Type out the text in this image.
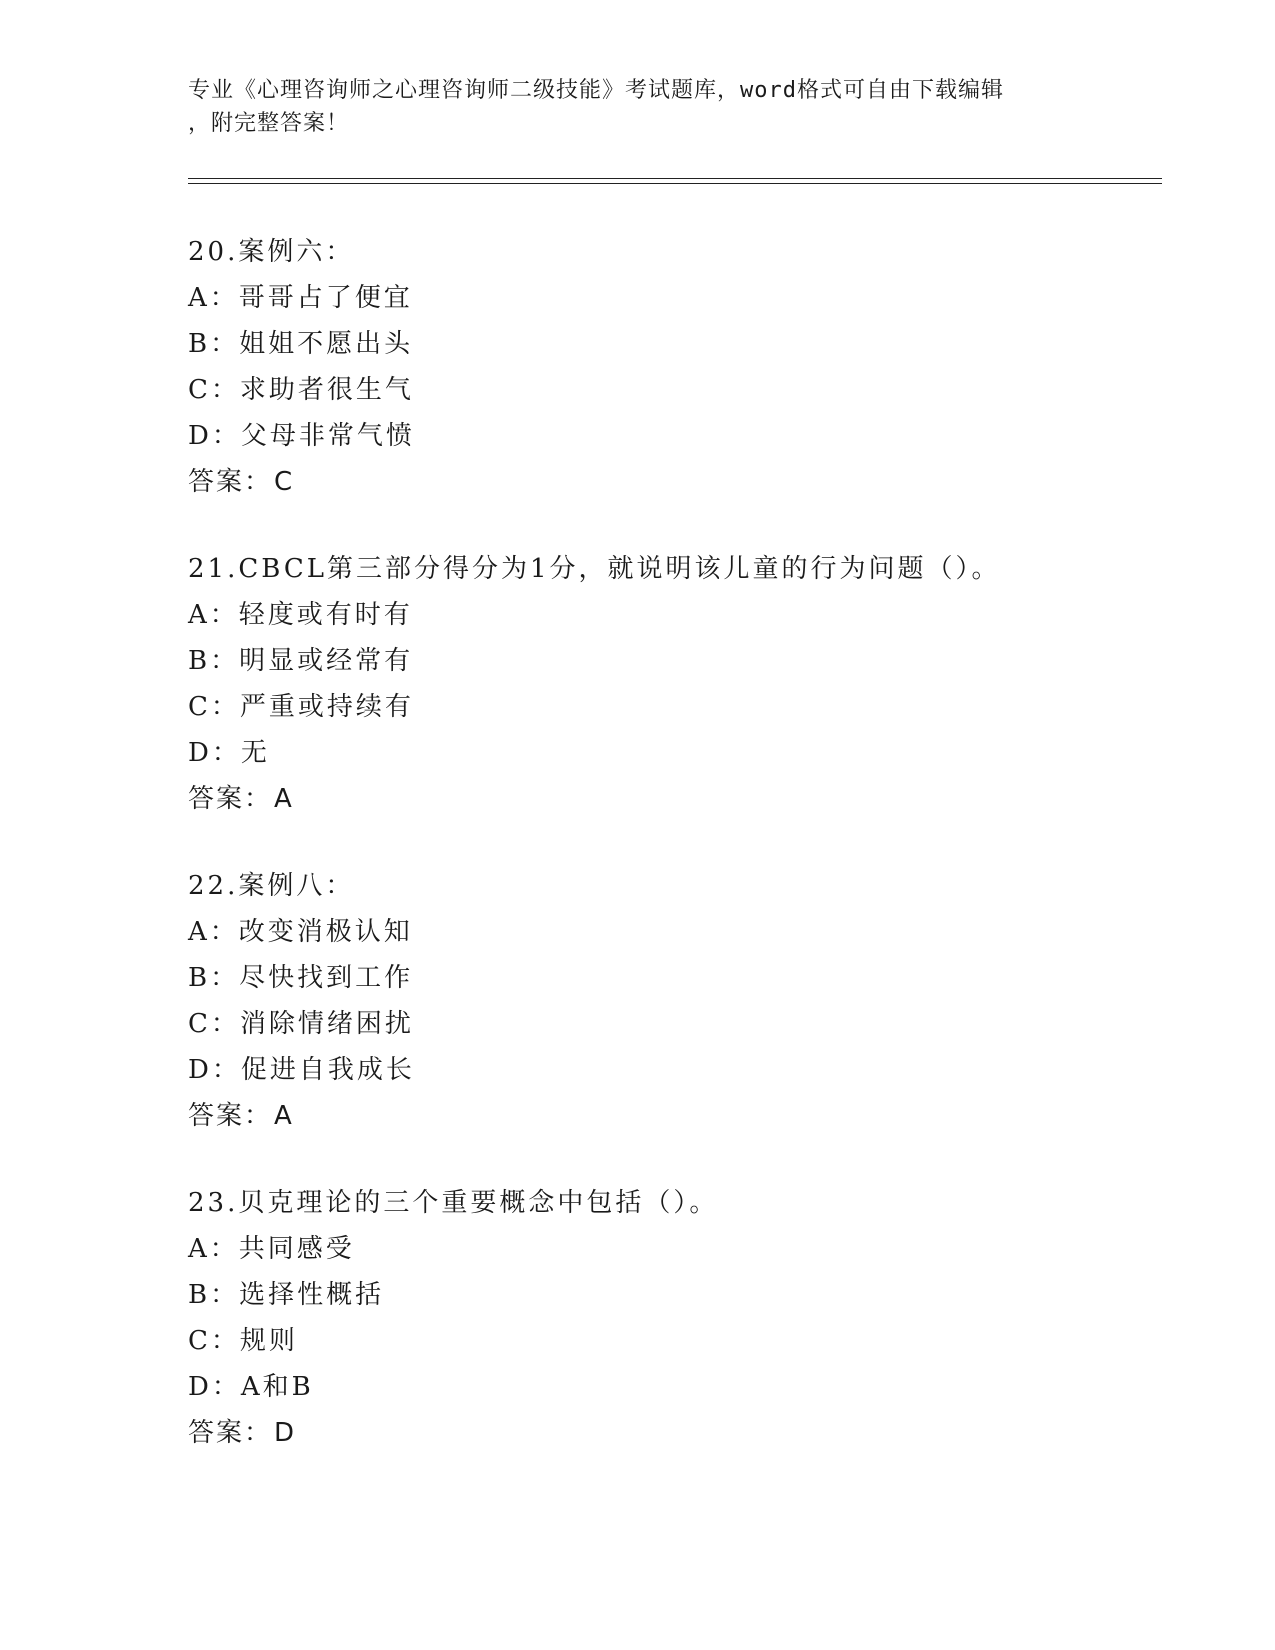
专业《心理咨询师之心理咨询师二级技能》考试题库，word格式可自由下载编辑
，附完整答案！
20.案例六：
A：哥哥占了便宜
B：姐姐不愿出头
C：求助者很生气
D：父母非常气愤
答案：C
21.CBCL第三部分得分为1分，就说明该儿童的行为问题（）。
A：轻度或有时有
B：明显或经常有
C：严重或持续有
D：无
答案：A
22.案例八：
A：改变消极认知
B：尽快找到工作
C：消除情绪困扰
D：促进自我成长
答案：A
23.贝克理论的三个重要概念中包括（）。
A：共同感受
B：选择性概括
C：规则
D：A和B
答案：D
